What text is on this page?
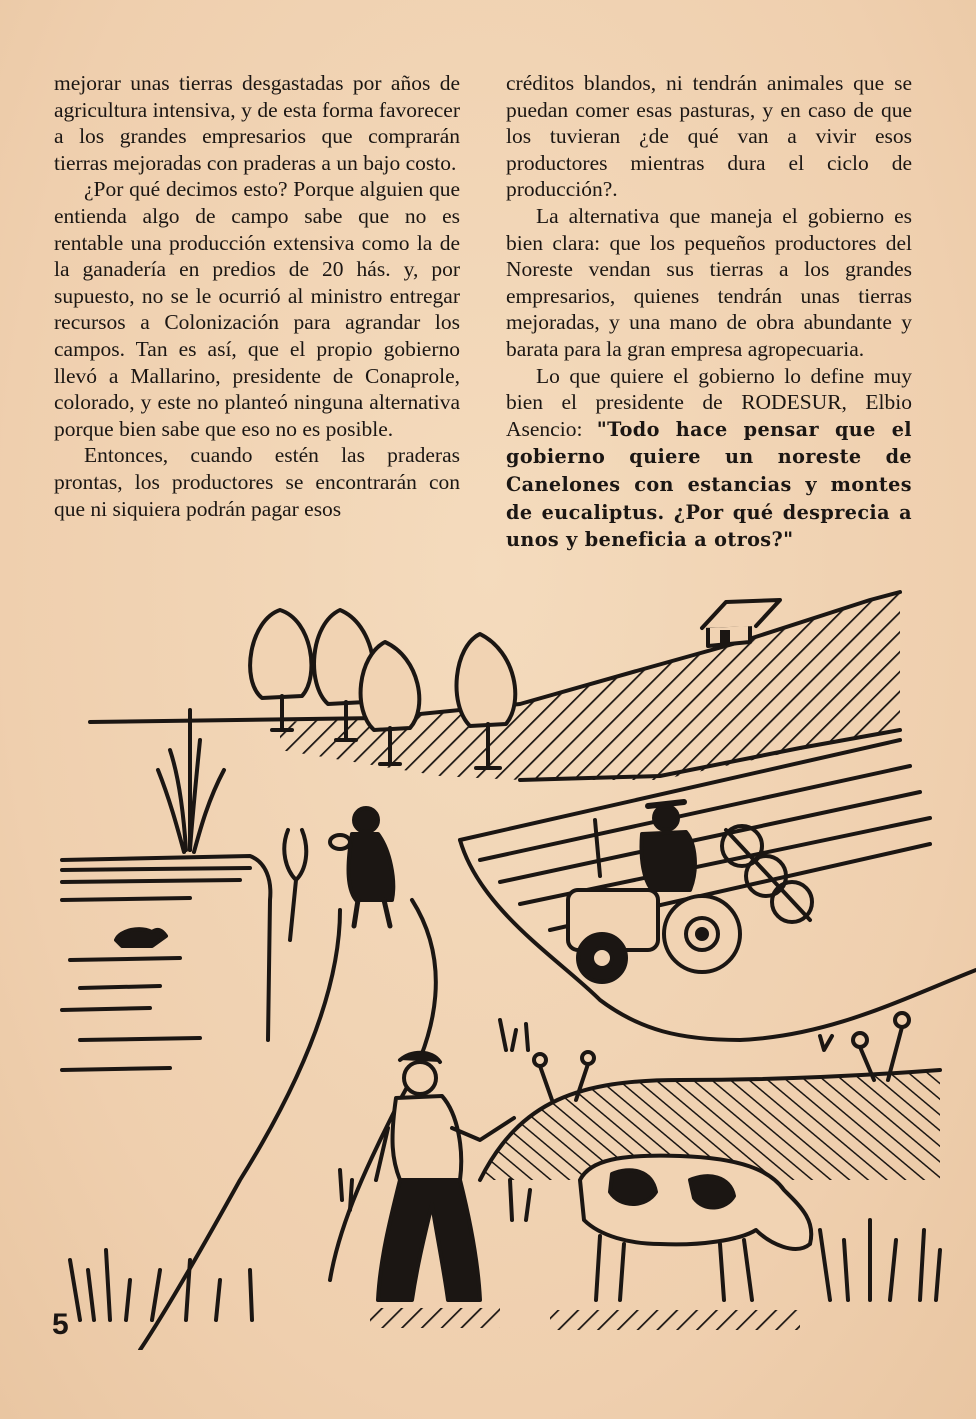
mejorar unas tierras desgastadas por años de agricultura intensiva, y de esta forma favorecer a los grandes empresarios que comprarán tierras mejoradas con praderas a un bajo costo.

¿Por qué decimos esto? Porque alguien que entienda algo de campo sabe que no es rentable una producción extensiva como la de la ganadería en predios de 20 hás. y, por supuesto, no se le ocurrió al ministro entregar recursos a Colonización para agrandar los campos. Tan es así, que el propio gobierno llevó a Mallarino, presidente de Conaprole, colorado, y este no planteó ninguna alternativa porque bien sabe que eso no es posible.

Entonces, cuando estén las praderas prontas, los productores se encontrarán con que ni siquiera podrán pagar esos

créditos blandos, ni tendrán animales que se puedan comer esas pasturas, y en caso de que los tuvieran ¿de qué van a vivir esos productores mientras dura el ciclo de producción?.

La alternativa que maneja el gobierno es bien clara: que los pequeños productores del Noreste vendan sus tierras a los grandes empresarios, quienes tendrán unas tierras mejoradas, y una mano de obra abundante y barata para la gran empresa agropecuaria.

Lo que quiere el gobierno lo define muy bien el presidente de RODESUR, Elbio Asencio: "Todo hace pensar que el gobierno quiere un noreste de Canelones con estancias y montes de eucaliptus. ¿Por qué desprecia a unos y beneficia a otros?"

5
